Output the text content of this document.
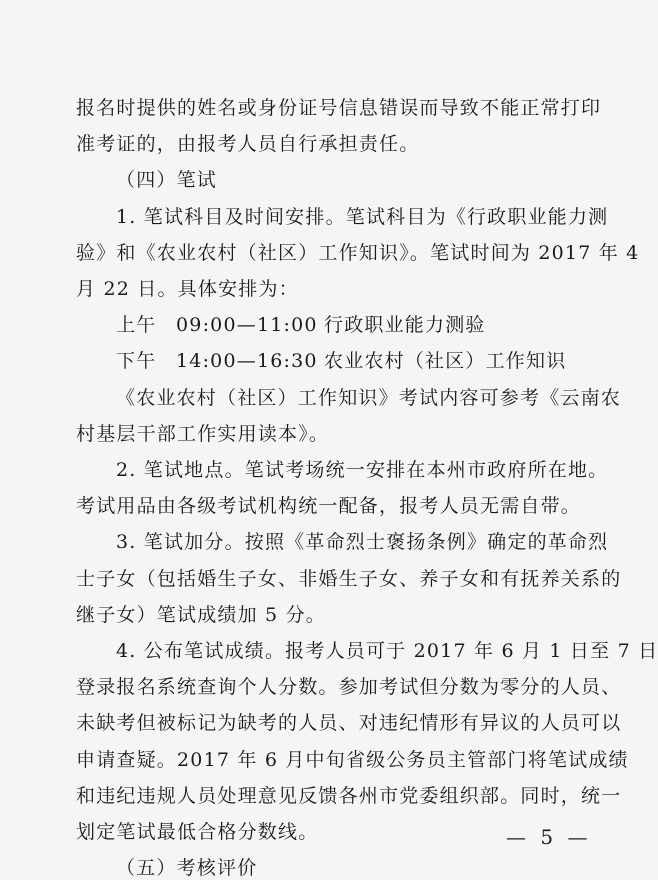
报名时提供的姓名或身份证号信息错误而导致不能正常打印
准考证的，由报考人员自行承担责任。
（四）笔试
1. 笔试科目及时间安排。笔试科目为《行政职业能力测
验》和《农业农村（社区）工作知识》。笔试时间为 2017 年 4
月 22 日。具体安排为：
上午 09:00—11:00 行政职业能力测验
下午 14:00—16:30 农业农村（社区）工作知识
《农业农村（社区）工作知识》考试内容可参考《云南农
村基层干部工作实用读本》。
2. 笔试地点。笔试考场统一安排在本州市政府所在地。
考试用品由各级考试机构统一配备，报考人员无需自带。
3. 笔试加分。按照《革命烈士褒扬条例》确定的革命烈
士子女（包括婚生子女、非婚生子女、养子女和有抚养关系的
继子女）笔试成绩加 5 分。
4. 公布笔试成绩。报考人员可于 2017 年 6 月 1 日至 7 日
登录报名系统查询个人分数。参加考试但分数为零分的人员、
未缺考但被标记为缺考的人员、对违纪情形有异议的人员可以
申请查疑。2017 年 6 月中旬省级公务员主管部门将笔试成绩
和违纪违规人员处理意见反馈各州市党委组织部。同时，统一
划定笔试最低合格分数线。
（五）考核评价
— 5 —
